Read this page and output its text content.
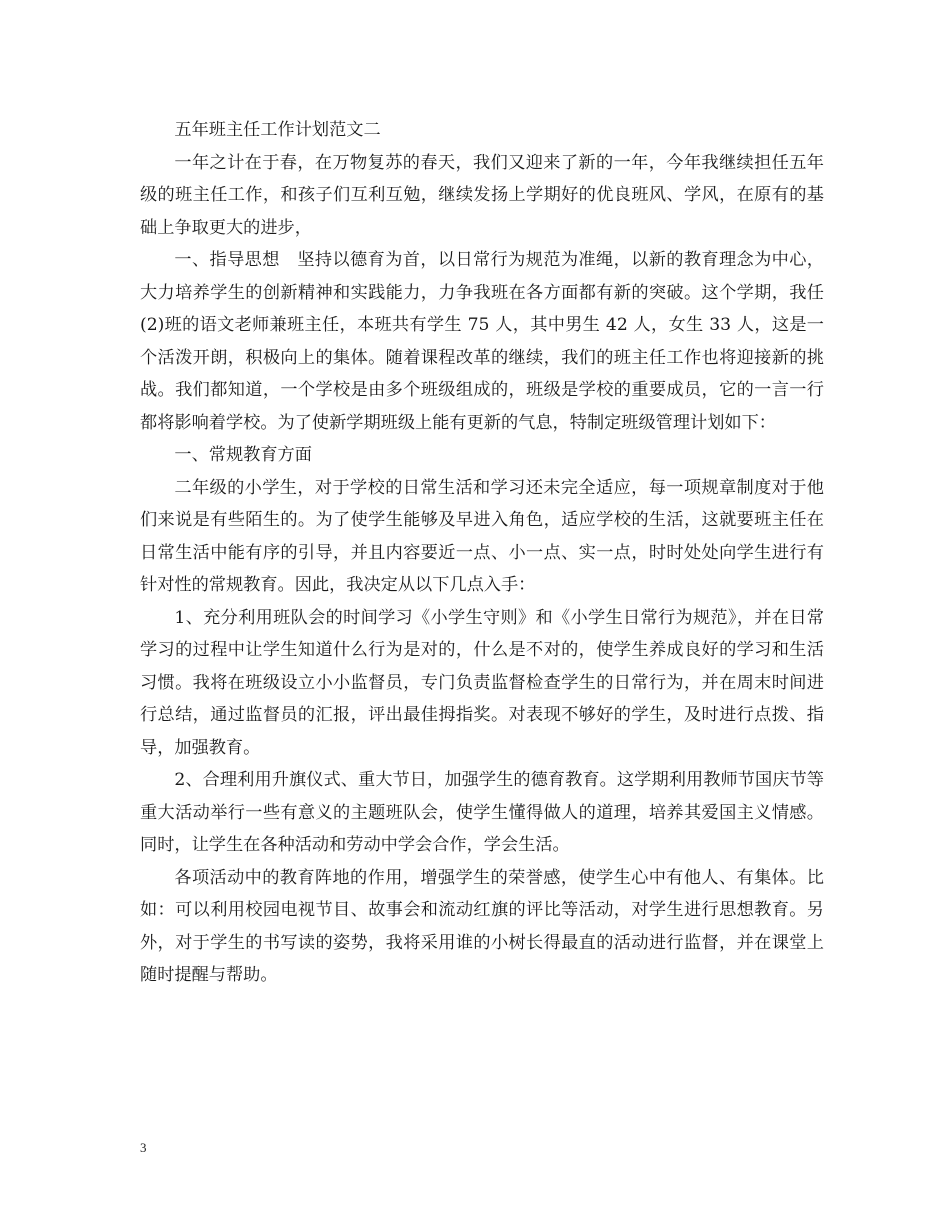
五年班主任工作计划范文二

一年之计在于春，在万物复苏的春天，我们又迎来了新的一年，今年我继续担任五年级的班主任工作，和孩子们互利互勉，继续发扬上学期好的优良班风、学风，在原有的基础上争取更大的进步，

一、指导思想　坚持以德育为首，以日常行为规范为准绳，以新的教育理念为中心，大力培养学生的创新精神和实践能力，力争我班在各方面都有新的突破。这个学期，我任(2)班的语文老师兼班主任，本班共有学生 75 人，其中男生 42 人，女生 33 人，这是一个活泼开朗，积极向上的集体。随着课程改革的继续，我们的班主任工作也将迎接新的挑战。我们都知道，一个学校是由多个班级组成的，班级是学校的重要成员，它的一言一行都将影响着学校。为了使新学期班级上能有更新的气息，特制定班级管理计划如下：

一、常规教育方面

二年级的小学生，对于学校的日常生活和学习还未完全适应，每一项规章制度对于他们来说是有些陌生的。为了使学生能够及早进入角色，适应学校的生活，这就要班主任在日常生活中能有序的引导，并且内容要近一点、小一点、实一点，时时处处向学生进行有针对性的常规教育。因此，我决定从以下几点入手：

1、充分利用班队会的时间学习《小学生守则》和《小学生日常行为规范》，并在日常学习的过程中让学生知道什么行为是对的，什么是不对的，使学生养成良好的学习和生活习惯。我将在班级设立小小监督员，专门负责监督检查学生的日常行为，并在周末时间进行总结，通过监督员的汇报，评出最佳拇指奖。对表现不够好的学生，及时进行点拨、指导，加强教育。

2、合理利用升旗仪式、重大节日，加强学生的德育教育。这学期利用教师节国庆节等重大活动举行一些有意义的主题班队会，使学生懂得做人的道理，培养其爱国主义情感。同时，让学生在各种活动和劳动中学会合作，学会生活。

各项活动中的教育阵地的作用，增强学生的荣誉感，使学生心中有他人、有集体。比如：可以利用校园电视节目、故事会和流动红旗的评比等活动，对学生进行思想教育。另外，对于学生的书写读的姿势，我将采用谁的小树长得最直的活动进行监督，并在课堂上随时提醒与帮助。

3
